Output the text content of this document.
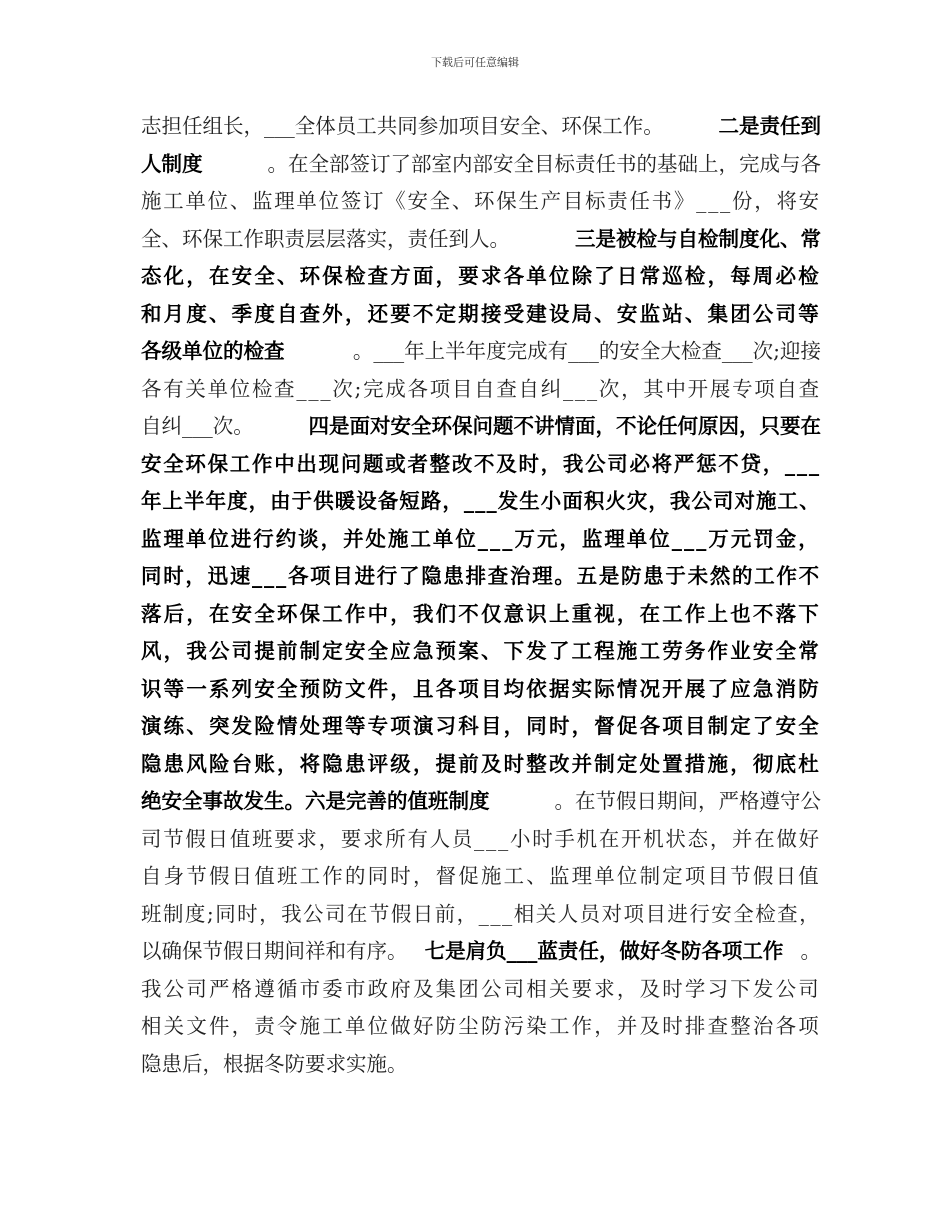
下载后可任意编辑
志担任组长，___全体员工共同参加项目安全、环保工作。	二是责任到
人制度	。在全部签订了部室内部安全目标责任书的基础上，完成与各
施工单位、监理单位签订《安全、环保生产目标责任书》___份，将安
全、环保工作职责层层落实，责任到人。	三是被检与自检制度化、常
态化，在安全、环保检查方面，要求各单位除了日常巡检，每周必检
和月度、季度自查外，还要不定期接受建设局、安监站、集团公司等
各级单位的检查	。___年上半年度完成有___的安全大检查___次;迎接
各有关单位检查___次;完成各项目自查自纠___次，其中开展专项自查
自纠___次。	四是面对安全环保问题不讲情面，不论任何原因，只要在
安全环保工作中出现问题或者整改不及时，我公司必将严惩不贷，___
年上半年度，由于供暖设备短路，___发生小面积火灾，我公司对施工、
监理单位进行约谈，并处施工单位___万元，监理单位___万元罚金，
同时，迅速___各项目进行了隐患排查治理。五是防患于未然的工作不
落后，在安全环保工作中，我们不仅意识上重视，在工作上也不落下
风，我公司提前制定安全应急预案、下发了工程施工劳务作业安全常
识等一系列安全预防文件，且各项目均依据实际情况开展了应急消防
演练、突发险情处理等专项演习科目，同时，督促各项目制定了安全
隐患风险台账，将隐患评级，提前及时整改并制定处置措施，彻底杜
绝安全事故发生。六是完善的值班制度	。在节假日期间，严格遵守公
司节假日值班要求，要求所有人员___小时手机在开机状态，并在做好
自身节假日值班工作的同时，督促施工、监理单位制定项目节假日值
班制度;同时，我公司在节假日前，___相关人员对项目进行安全检查，
以确保节假日期间祥和有序。 七是肩负___蓝责任，做好冬防各项工作 。
我公司严格遵循市委市政府及集团公司相关要求，及时学习下发公司
相关文件，责令施工单位做好防尘防污染工作，并及时排查整治各项
隐患后，根据冬防要求实施。
